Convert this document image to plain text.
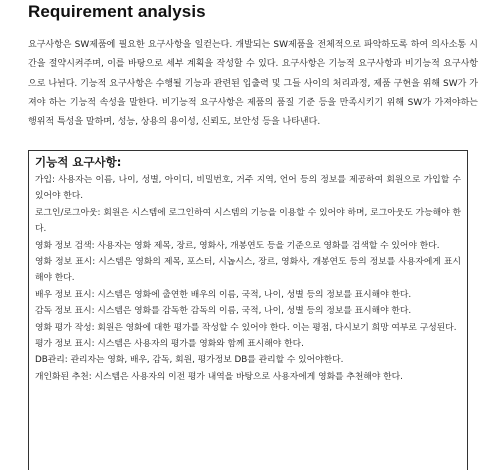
Requirement analysis

요구사항은 SW제품에 필요한 요구사항을 일컫는다. 개발되는 SW제품을 전체적으로 파악하도록 하여 의사소통 시간을 절약시켜주며, 이를 바탕으로 세부 계획을 작성할 수 있다. 요구사항은 기능적 요구사항과 비기능적 요구사항으로 나뉜다. 기능적 요구사항은 수행될 기능과 관련된 입출력 및 그들 사이의 처리과정, 제품 구현을 위해 SW가 가져야 하는 기능적 속성을 말한다. 비기능적 요구사항은 제품의 품질 기준 등을 만족시키기 위해 SW가 가져야하는 행위적 특성을 말하며, 성능, 상용의 용이성, 신뢰도, 보안성 등을 나타낸다.

기능적 요구사항:
가입: 사용자는 이름, 나이, 성별, 아이디, 비밀번호, 거주 지역, 언어 등의 정보를 제공하여 회원으로 가입할 수 있어야 한다.
로그인/로그아웃: 회원은 시스템에 로그인하여 시스템의 기능을 이용할 수 있어야 하며, 로그아웃도 가능해야 한다.
영화 정보 검색: 사용자는 영화 제목, 장르, 영화사, 개봉연도 등을 기준으로 영화를 검색할 수 있어야 한다.
영화 정보 표시: 시스템은 영화의 제목, 포스터, 시놉시스, 장르, 영화사, 개봉연도 등의 정보를 사용자에게 표시해야 한다.
배우 정보 표시: 시스템은 영화에 출연한 배우의 이름, 국적, 나이, 성별 등의 정보를 표시해야 한다.
감독 정보 표시: 시스템은 영화를 감독한 감독의 이름, 국적, 나이, 성별 등의 정보를 표시해야 한다.
영화 평가 작성: 회원은 영화에 대한 평가를 작성할 수 있어야 한다. 이는 평점, 다시보기 희망 여부로 구성된다.
평가 정보 표시: 시스템은 사용자의 평가를 영화와 함께 표시해야 한다.
DB관리: 관리자는 영화, 배우, 감독, 회원, 평가정보 DB를 관리할 수 있어야한다.
개인화된 추천: 시스템은 사용자의 이전 평가 내역을 바탕으로 사용자에게 영화를 추천해야 한다.
